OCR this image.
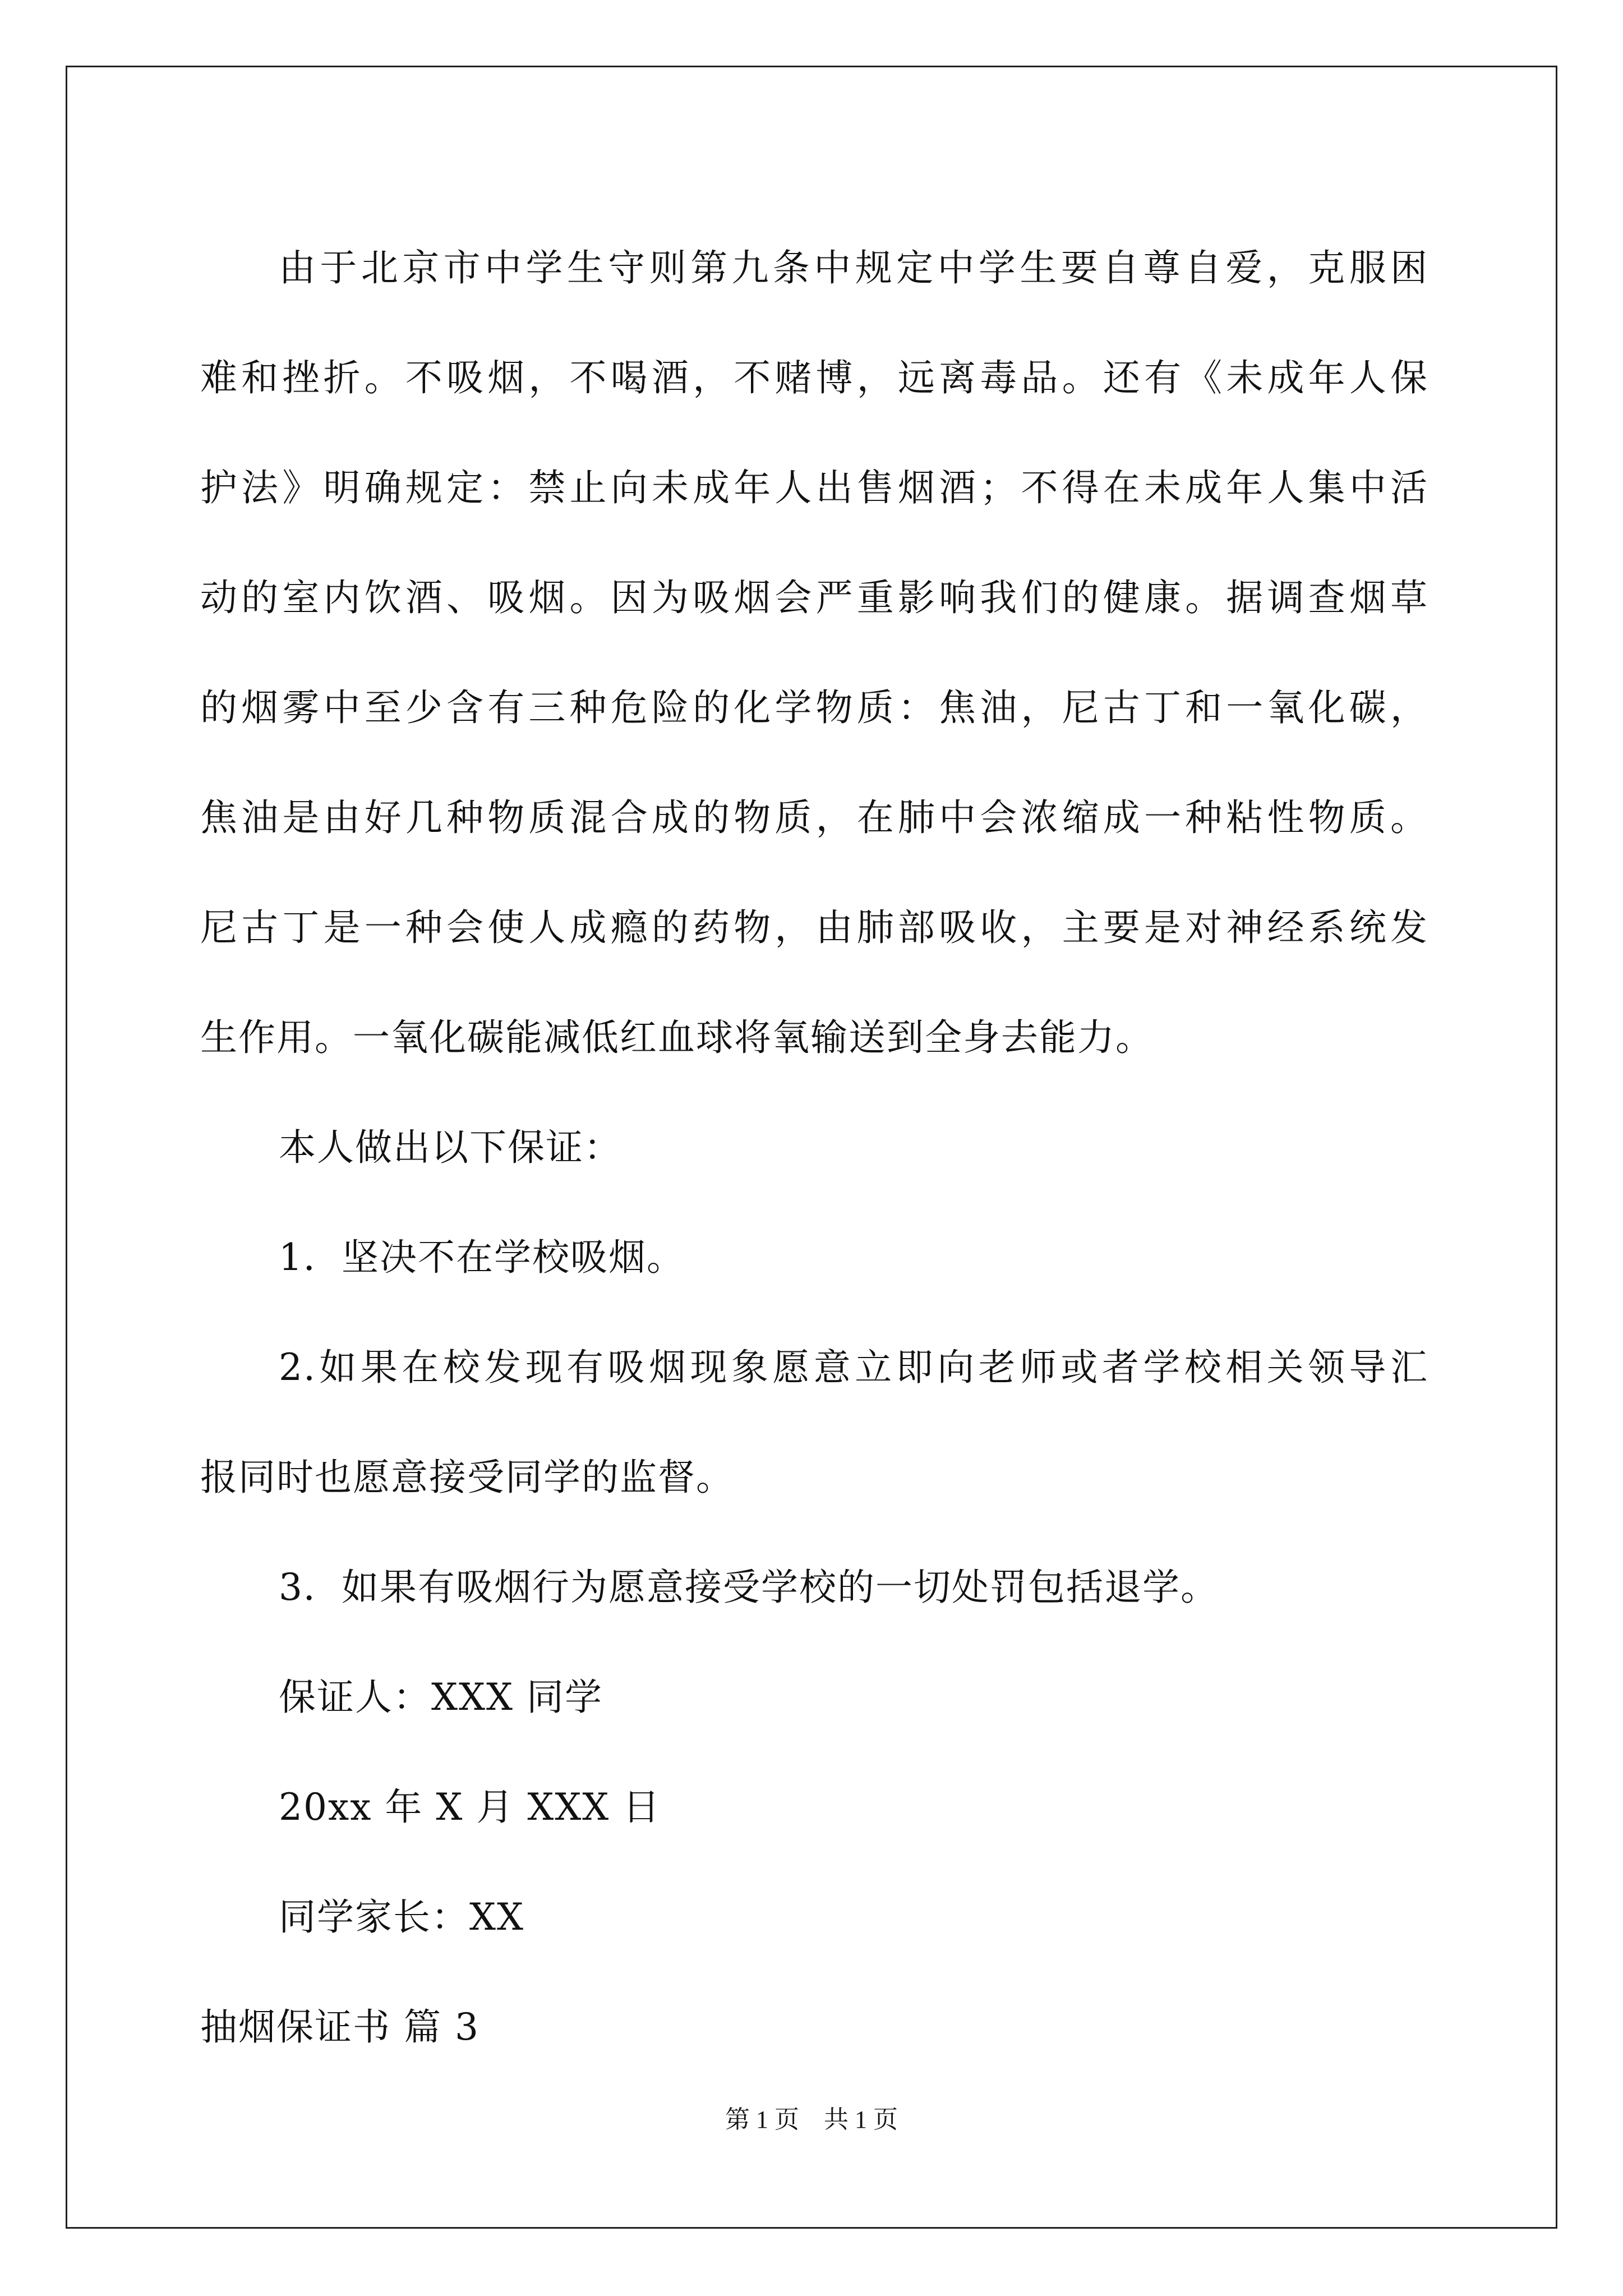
由于北京市中学生守则第九条中规定中学生要自尊自爱，克服困
难和挫折。不吸烟，不喝酒，不赌博，远离毒品。还有《未成年人保
护法》明确规定：禁止向未成年人出售烟酒；不得在未成年人集中活
动的室内饮酒、吸烟。因为吸烟会严重影响我们的健康。据调查烟草
的烟雾中至少含有三种危险的化学物质：焦油，尼古丁和一氧化碳，
焦油是由好几种物质混合成的物质，在肺中会浓缩成一种粘性物质。
尼古丁是一种会使人成瘾的药物，由肺部吸收，主要是对神经系统发
生作用。一氧化碳能减低红血球将氧输送到全身去能力。
本人做出以下保证：
1．坚决不在学校吸烟。
2.如果在校发现有吸烟现象愿意立即向老师或者学校相关领导汇
报同时也愿意接受同学的监督。
3．如果有吸烟行为愿意接受学校的一切处罚包括退学。
保证人：XXX 同学
20xx 年 X 月 XXX 日
同学家长：XX
抽烟保证书 篇 3
第 1 页 共 1 页
